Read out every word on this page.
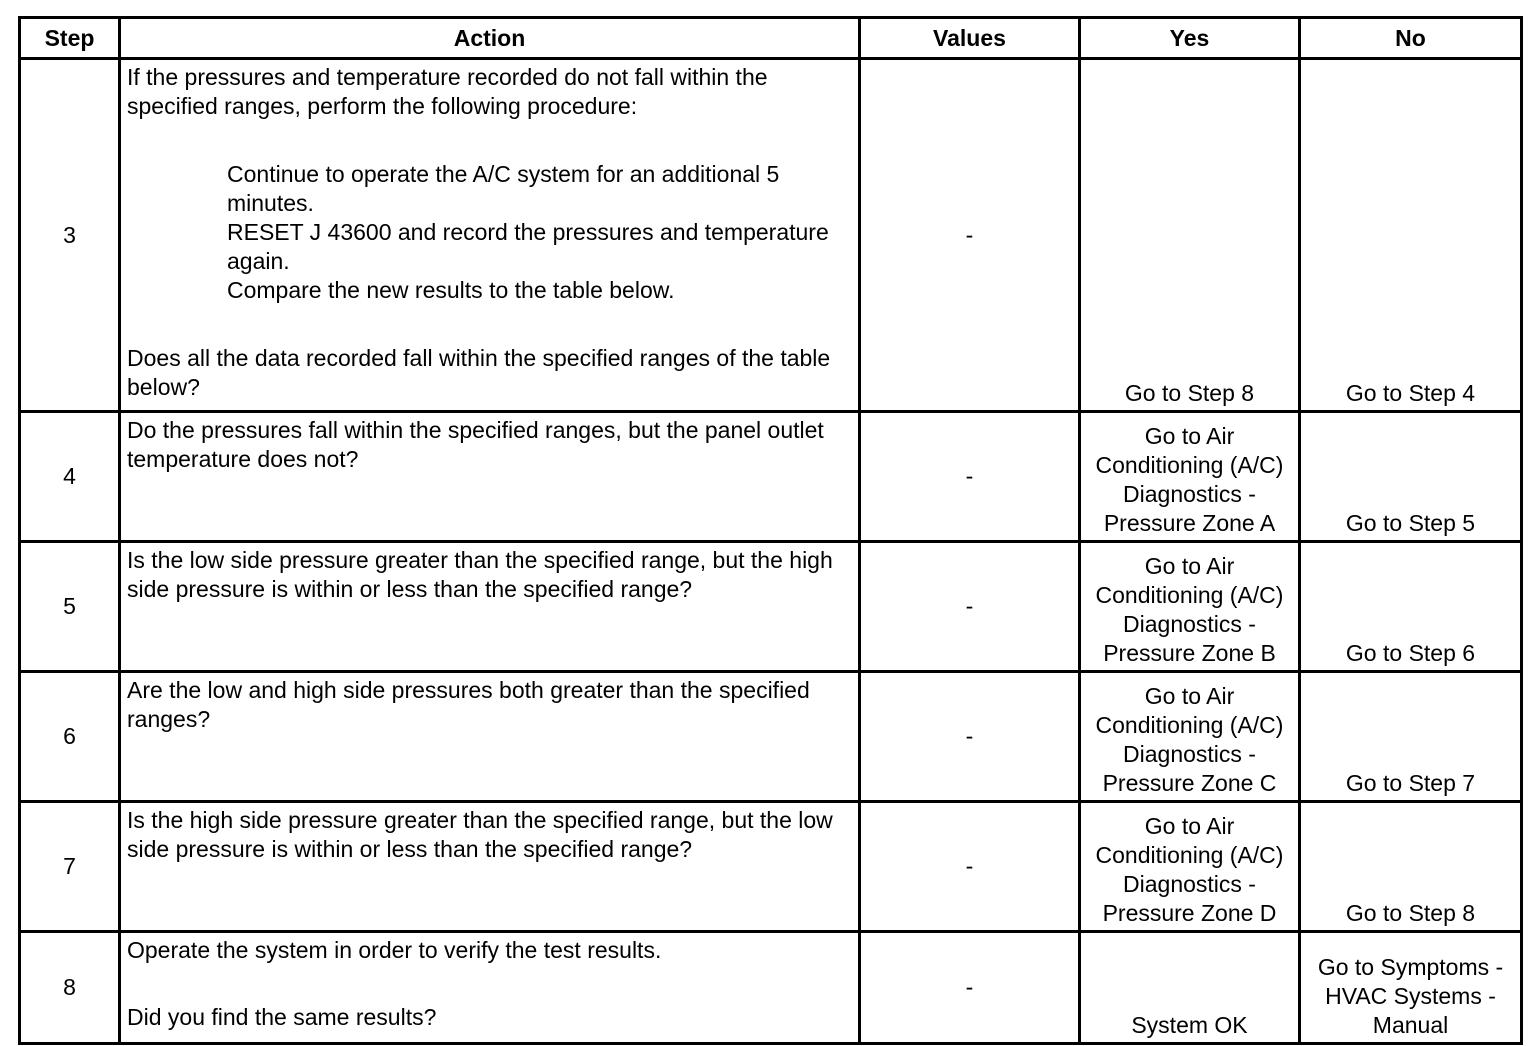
Step	Action	Values	Yes	No
3	If the pressures and temperature recorded do not fall within the specified ranges, perform the following procedure:

Continue to operate the A/C system for an additional 5 minutes.

RESET J 43600 and record the pressures and temperature again.

Compare the new results to the table below.

Does all the data recorded fall within the specified ranges of the table below?	-	Go to Step 8	Go to Step 4
4	Do the pressures fall within the specified ranges, but the panel outlet temperature does not?	-	Go to Air Conditioning (A/C) Diagnostics - Pressure Zone A	Go to Step 5
5	Is the low side pressure greater than the specified range, but the high side pressure is within or less than the specified range?	-	Go to Air Conditioning (A/C) Diagnostics - Pressure Zone B	Go to Step 6
6	Are the low and high side pressures both greater than the specified ranges?	-	Go to Air Conditioning (A/C) Diagnostics - Pressure Zone C	Go to Step 7
7	Is the high side pressure greater than the specified range, but the low side pressure is within or less than the specified range?	-	Go to Air Conditioning (A/C) Diagnostics - Pressure Zone D	Go to Step 8
8	Operate the system in order to verify the test results.

Did you find the same results?	-	System OK	Go to Symptoms - HVAC Systems - Manual
